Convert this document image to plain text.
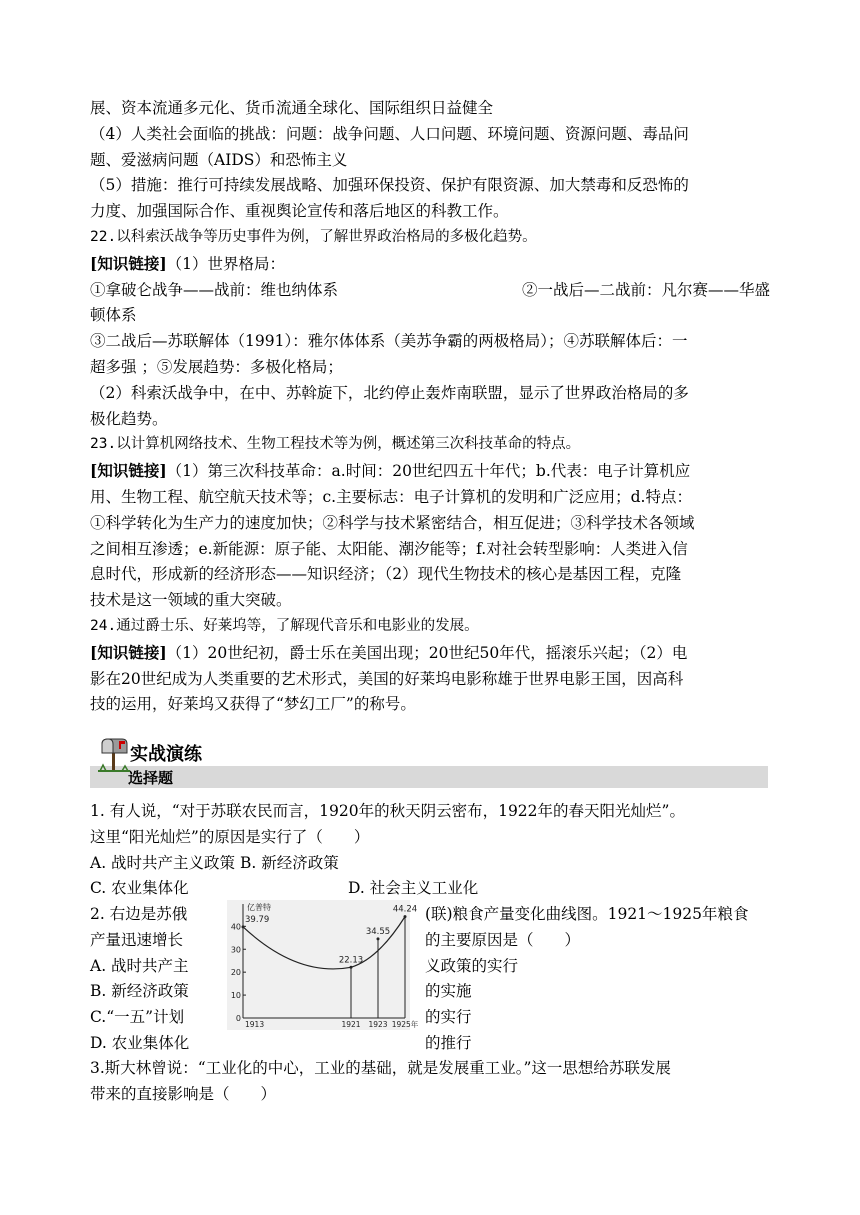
展、资本流通多元化、货币流通全球化、国际组织日益健全
（4）人类社会面临的挑战：问题：战争问题、人口问题、环境问题、资源问题、毒品问
题、爱滋病问题（AIDS）和恐怖主义
（5）措施：推行可持续发展战略、加强环保投资、保护有限资源、加大禁毒和反恐怖的
力度、加强国际合作、重视舆论宣传和落后地区的科教工作。
22.以科索沃战争等历史事件为例，了解世界政治格局的多极化趋势。
[知识链接]（1）世界格局：
①拿破仑战争——战前：维也纳体系	②一战后—二战前：凡尔赛——华盛
顿体系
③二战后—苏联解体（1991）：雅尔体体系（美苏争霸的两极格局）；④苏联解体后：一
超多强 ；⑤发展趋势：多极化格局；
（2）科索沃战争中，在中、苏斡旋下，北约停止轰炸南联盟，显示了世界政治格局的多
极化趋势。
23.以计算机网络技术、生物工程技术等为例，概述第三次科技革命的特点。
[知识链接]（1）第三次科技革命：a.时间：20世纪四五十年代；b.代表：电子计算机应
用、生物工程、航空航天技术等；c.主要标志：电子计算机的发明和广泛应用；d.特点：
①科学转化为生产力的速度加快；②科学与技术紧密结合，相互促进；③科学技术各领域
之间相互渗透；e.新能源：原子能、太阳能、潮汐能等；f.对社会转型影响：人类进入信
息时代，形成新的经济形态——知识经济；（2）现代生物技术的核心是基因工程，克隆
技术是这一领域的重大突破。
24.通过爵士乐、好莱坞等，了解现代音乐和电影业的发展。
[知识链接]（1）20世纪初，爵士乐在美国出现；20世纪50年代，摇滚乐兴起；（2）电
影在20世纪成为人类重要的艺术形式，美国的好莱坞电影称雄于世界电影王国，因高科
技的运用，好莱坞又获得了“梦幻工厂”的称号。
选择题
实战演练
1. 有人说，“对于苏联农民而言，1920年的秋天阴云密布，1922年的春天阳光灿烂”。
这里“阳光灿烂”的原因是实行了（　　）
A. 战时共产主义政策 B. 新经济政策
C. 农业集体化	D. 社会主义工业化
2. 右边是苏俄
产量迅速增长
A. 战时共产主
B. 新经济政策
C.“一五”计划
D. 农业集体化
(联)粮食产量变化曲线图。1921～1925年粮食
的主要原因是（　　）
义政策的实行
的实施
的实行
的推行
亿普特
0
10
20
30
40
1913	1921 1923 1925年
39.79
22.13
34.55
44.24
3.斯大林曾说：“工业化的中心，工业的基础，就是发展重工业。”这一思想给苏联发展
带来的直接影响是（　　）
